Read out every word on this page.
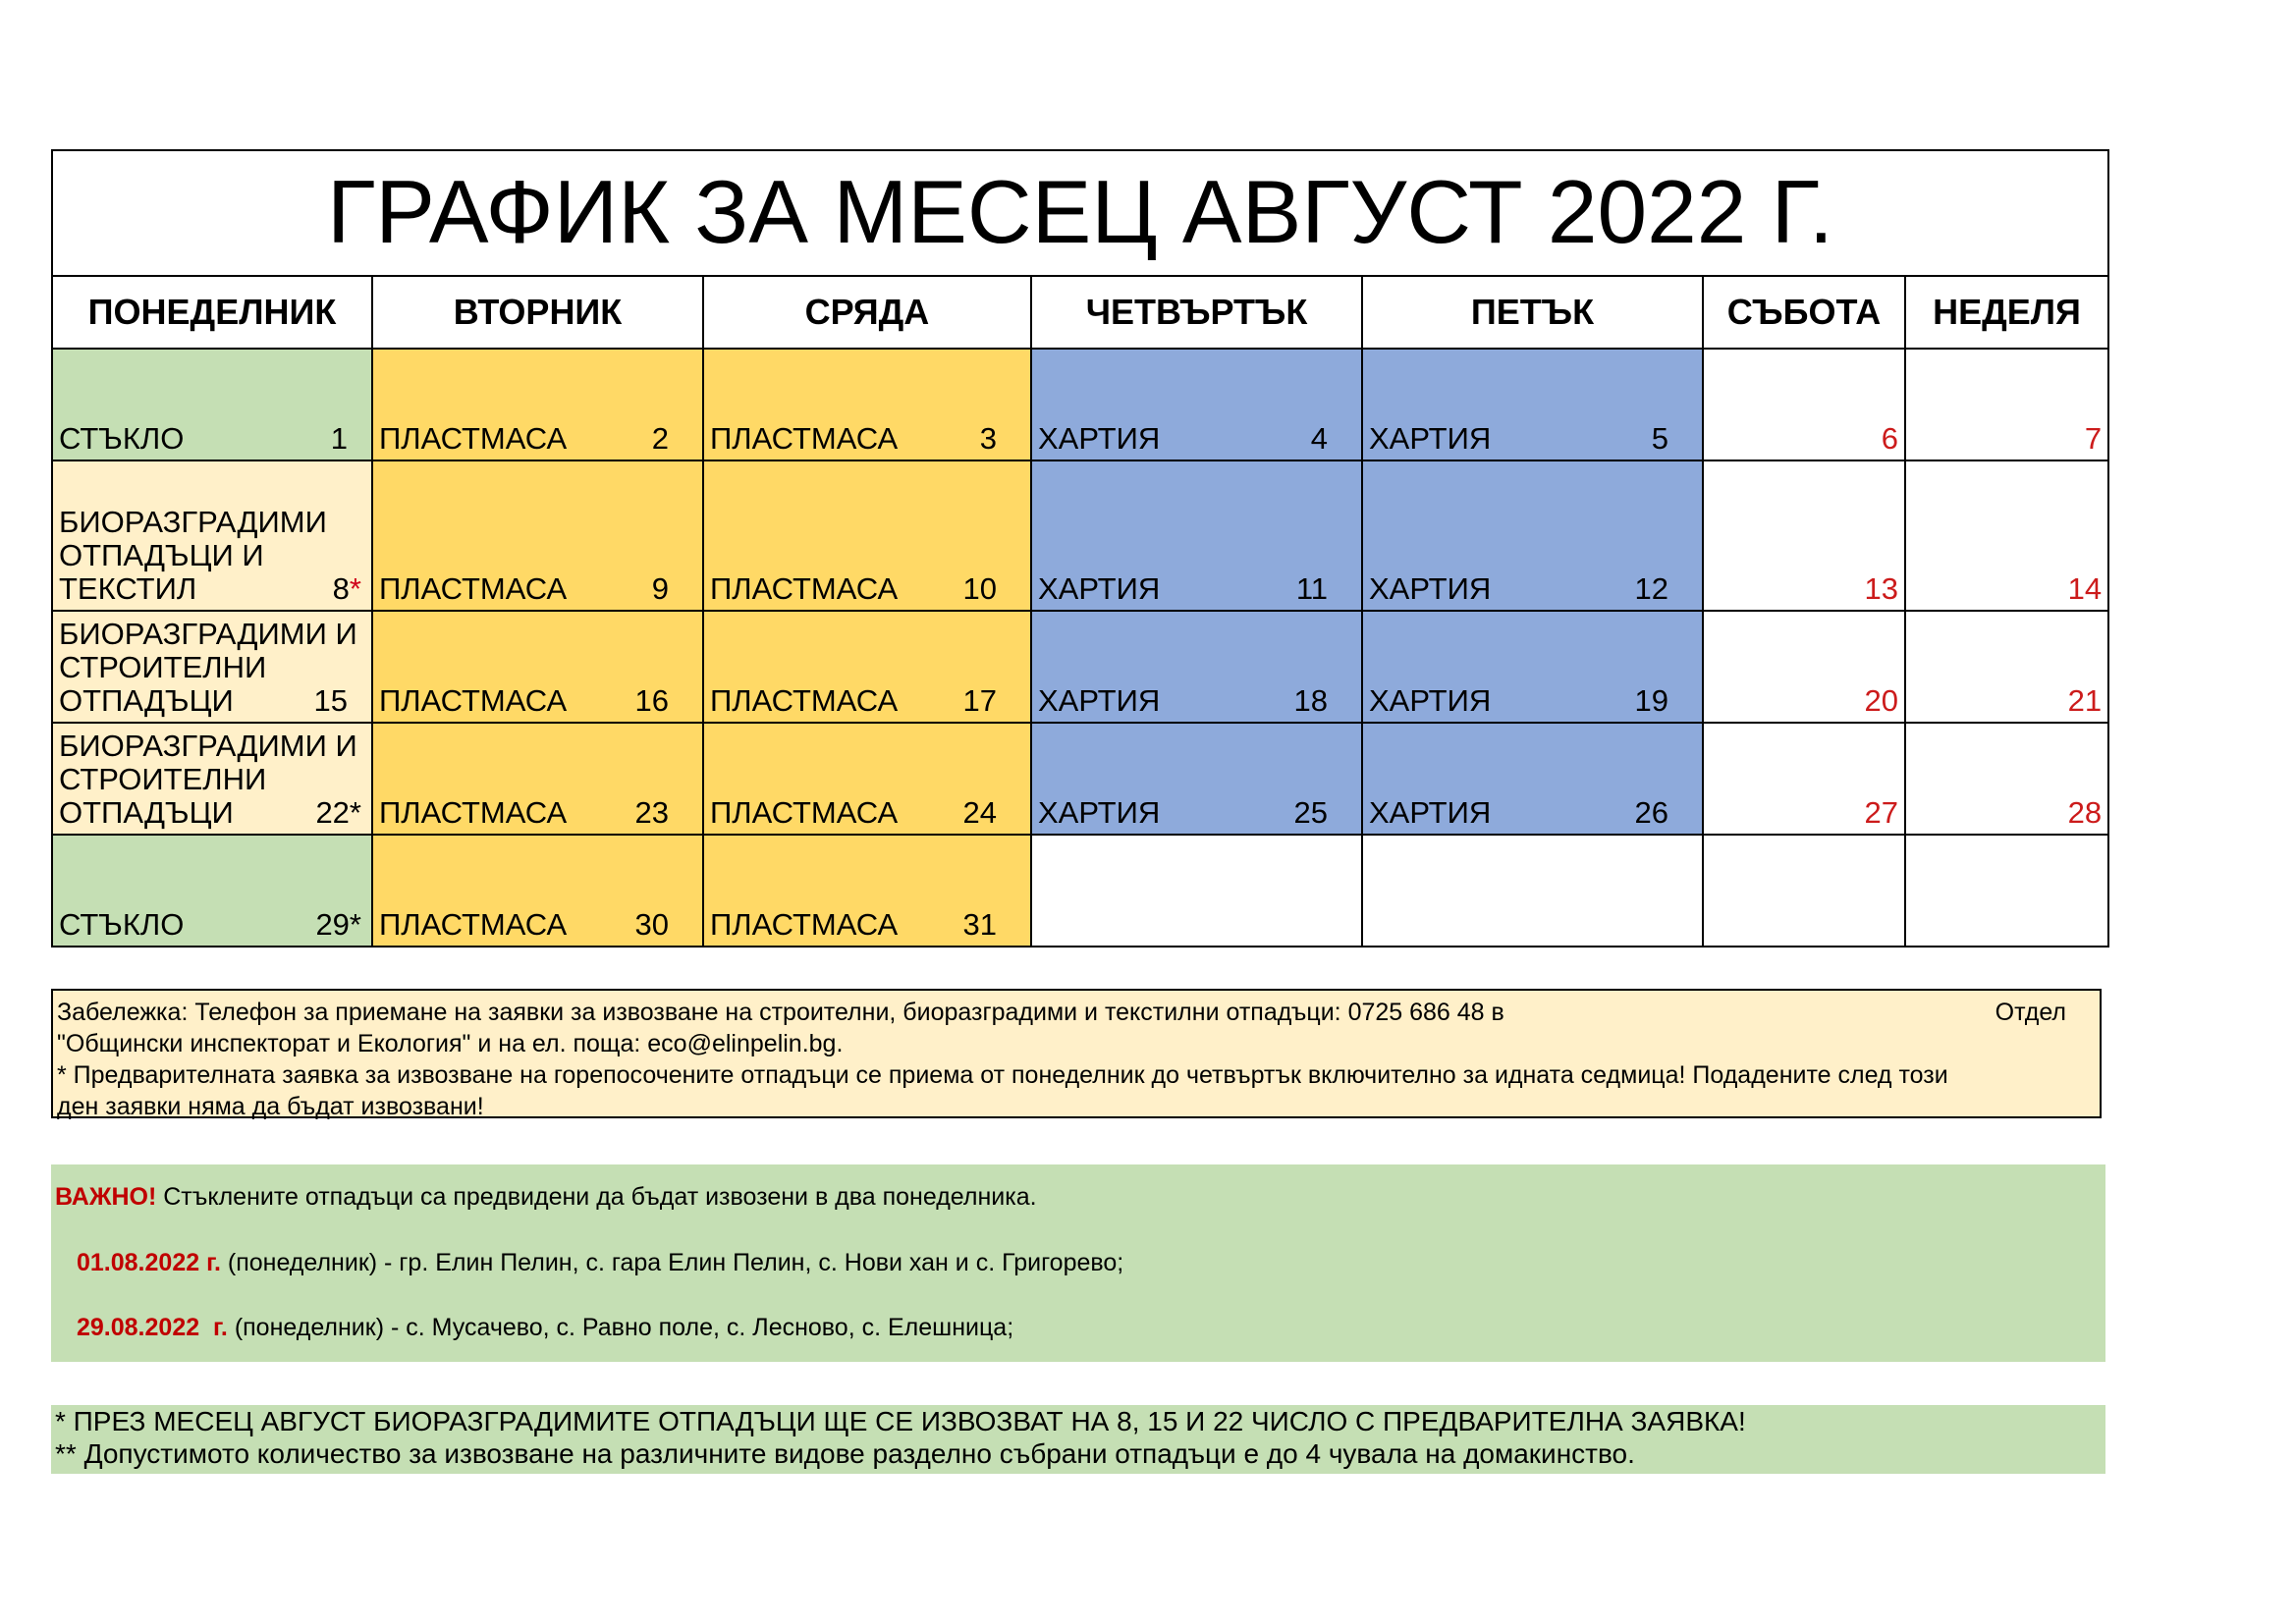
ГРАФИК ЗА МЕСЕЦ АВГУСТ 2022 Г.						
ПОНЕДЕЛНИК	ВТОРНИК	СРЯДА	ЧЕТВЪРТЪК	ПЕТЪК	СЪБОТА	НЕДЕЛЯ

СТЪКЛО 1	ПЛАСТМАСА 2	ПЛАСТМАСА 3	ХАРТИЯ 4	ХАРТИЯ 5	6	7

БИОРАЗГРАДИМИ
ОТПАДЪЦИ И
ТЕКСТИЛ 8*	ПЛАСТМАСА 9	ПЛАСТМАСА 10	ХАРТИЯ 11	ХАРТИЯ 12	13	14

БИОРАЗГРАДИМИ И
СТРОИТЕЛНИ
ОТПАДЪЦИ 15	ПЛАСТМАСА 16	ПЛАСТМАСА 17	ХАРТИЯ 18	ХАРТИЯ 19	20	21

БИОРАЗГРАДИМИ И
СТРОИТЕЛНИ
ОТПАДЪЦИ 22*	ПЛАСТМАСА 23	ПЛАСТМАСА 24	ХАРТИЯ 25	ХАРТИЯ 26	27	28

СТЪКЛО 29*	ПЛАСТМАСА 30	ПЛАСТМАСА 31				

Забележка: Телефон за приемане на заявки за извозване на строителни, биоразградими и текстилни отпадъци: 0725 686 48 в	Отдел
"Общински инспекторат и Екология" и на ел. поща: eco@elinpelin.bg.
* Предварителната заявка за извозване на горепосочените отпадъци се приема от понеделник до четвъртък включително за идната седмица! Подадените след този
ден заявки няма да бъдат извозвани!
ВАЖНО! Стъклените отпадъци са предвидени да бъдат извозени в два понеделника.
01.08.2022 г. (понеделник) - гр. Елин Пелин, с. гара Елин Пелин, с. Нови хан и с. Григорево;
29.08.2022  г. (понеделник) - с. Мусачево, с. Равно поле, с. Лесново, с. Елешница;
* ПРЕЗ МЕСЕЦ АВГУСТ БИОРАЗГРАДИМИТЕ ОТПАДЪЦИ ЩЕ СЕ ИЗВОЗВАТ НА 8, 15 И 22 ЧИСЛО С ПРЕДВАРИТЕЛНА ЗАЯВКА!
** Допустимото количество за извозване на различните видове разделно събрани отпадъци е до 4 чувала на домакинство.
